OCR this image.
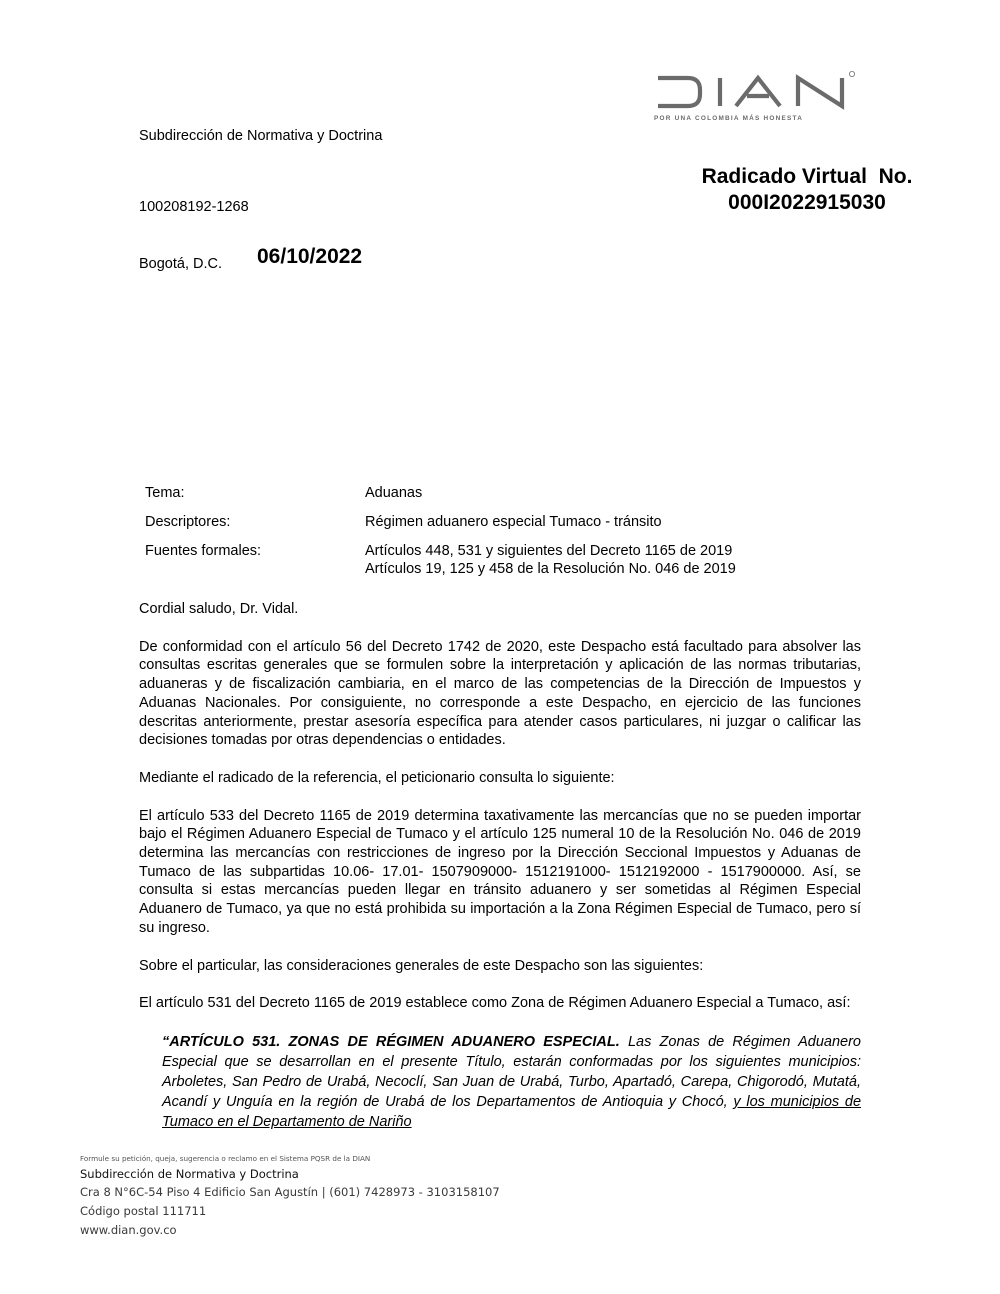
POR UNA COLOMBIA MÁS HONESTA
Subdirección de Normativa y Doctrina
Radicado Virtual  No.
000I2022915030
100208192-1268
Bogotá, D.C. 06/10/2022
Tema:	Aduanas
Descriptores:	Régimen aduanero especial Tumaco - tránsito
Fuentes formales:	Artículos 448, 531 y siguientes del Decreto 1165 de 2019
Artículos 19, 125 y 458 de la Resolución No. 046 de 2019

Cordial saludo, Dr. Vidal.

De conformidad con el artículo 56 del Decreto 1742 de 2020, este Despacho está facultado para absolver las consultas escritas generales que se formulen sobre la interpretación y aplicación de las normas tributarias, aduaneras y de fiscalización cambiaria, en el marco de las competencias de la Dirección de Impuestos y Aduanas Nacionales. Por consiguiente, no corresponde a este Despacho, en ejercicio de las funciones descritas anteriormente, prestar asesoría específica para atender casos particulares, ni juzgar o calificar las decisiones tomadas por otras dependencias o entidades.

Mediante el radicado de la referencia, el peticionario consulta lo siguiente:

El artículo 533 del Decreto 1165 de 2019 determina taxativamente las mercancías que no se pueden importar bajo el Régimen Aduanero Especial de Tumaco y el artículo 125 numeral 10 de la Resolución No. 046 de 2019 determina las mercancías con restricciones de ingreso por la Dirección Seccional Impuestos y Aduanas de Tumaco de las subpartidas 10.06- 17.01- 1507909000- 1512191000- 1512192000 - 1517900000. Así, se consulta si estas mercancías pueden llegar en tránsito aduanero y ser sometidas al Régimen Especial Aduanero de Tumaco, ya que no está prohibida su importación a la Zona Régimen Especial de Tumaco, pero sí su ingreso.

Sobre el particular, las consideraciones generales de este Despacho son las siguientes:

El artículo 531 del Decreto 1165 de 2019 establece como Zona de Régimen Aduanero Especial a Tumaco, así:

“ARTÍCULO 531. ZONAS DE RÉGIMEN ADUANERO ESPECIAL. Las Zonas de Régimen Aduanero Especial que se desarrollan en el presente Título, estarán conformadas por los siguientes municipios: Arboletes, San Pedro de Urabá, Necoclí, San Juan de Urabá, Turbo, Apartadó, Carepa, Chigorodó, Mutatá, Acandí y Unguía en la región de Urabá de los Departamentos de Antioquia y Chocó, y los municipios de Tumaco en el Departamento de Nariño

Formule su petición, queja, sugerencia o reclamo en el Sistema PQSR de la DIAN
Subdirección de Normativa y Doctrina
Cra 8 N°6C-54 Piso 4 Edificio San Agustín | (601) 7428973 - 3103158107
Código postal 111711
www.dian.gov.co
